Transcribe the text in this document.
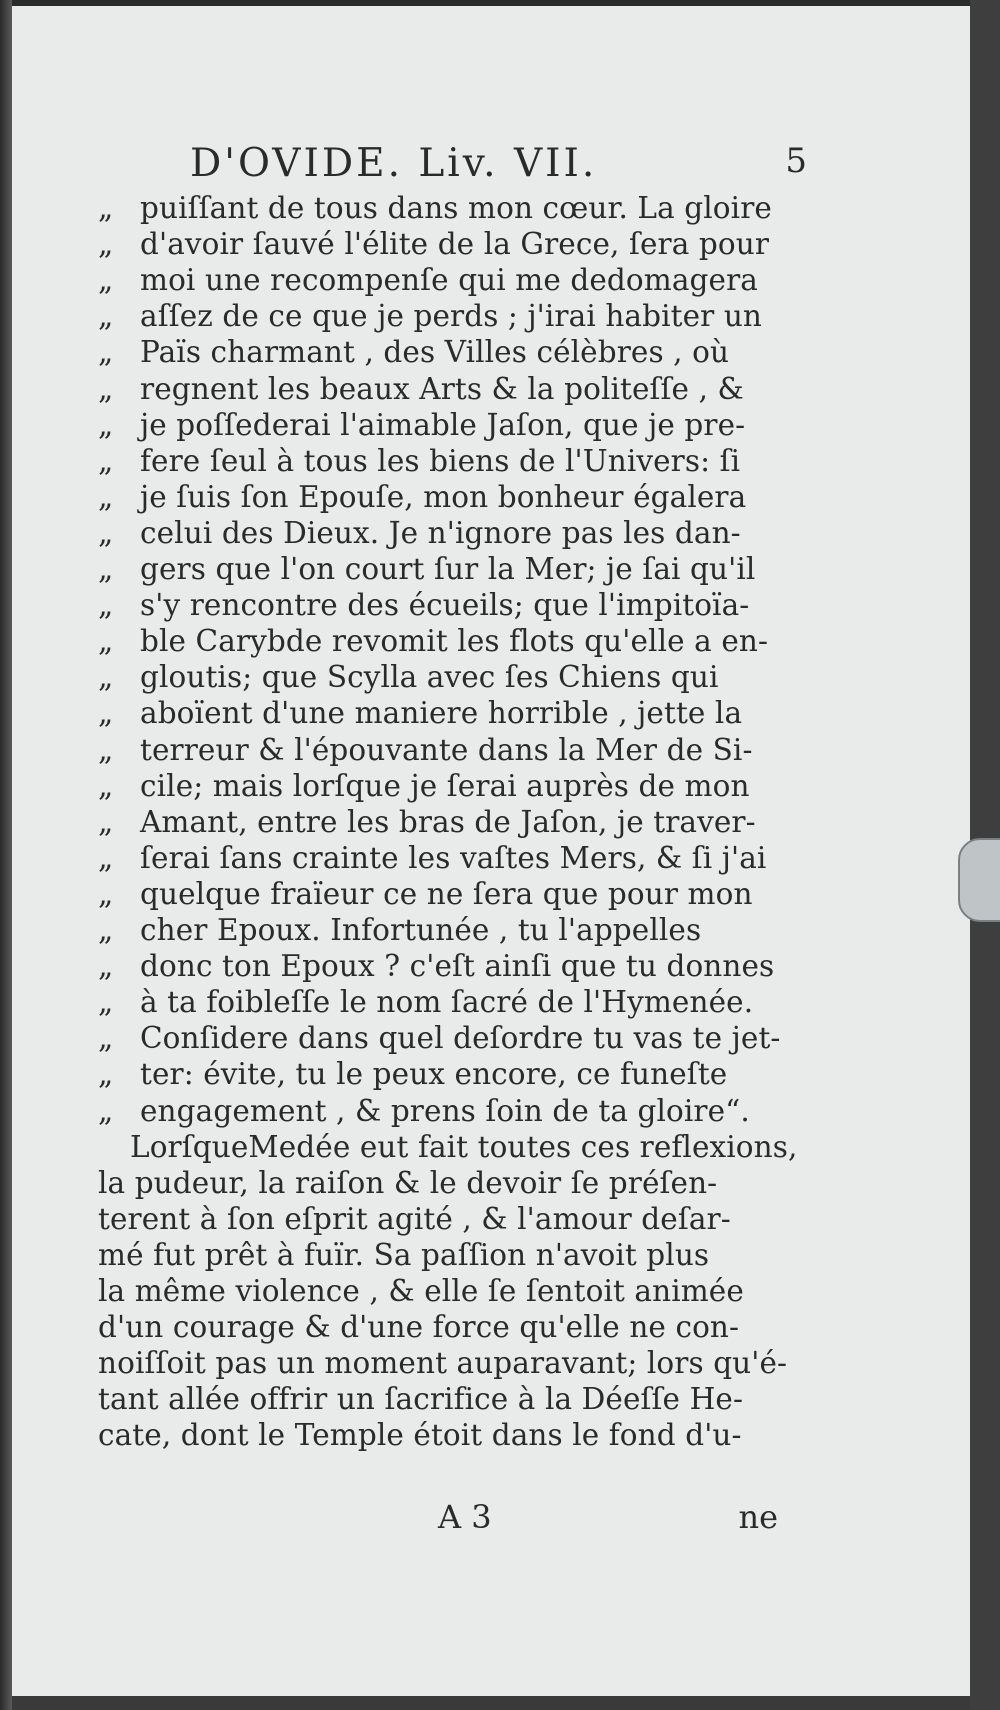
D'OVIDE. Liv. VII.	5
„ puiſſant de tous dans mon cœur. La gloire
„ d'avoir ſauvé l'élite de la Grece, ſera pour
„ moi une recompenſe qui me dedomagera
„ aſſez de ce que je perds ; j'irai habiter un
„ Païs charmant , des Villes célèbres , où
„ regnent les beaux Arts & la politeſſe , &
„ je poſſederai l'aimable Jaſon, que je pre-
„ fere ſeul à tous les biens de l'Univers: ſi
„ je ſuis ſon Epouſe, mon bonheur égalera
„ celui des Dieux. Je n'ignore pas les dan-
„ gers que l'on court ſur la Mer; je ſai qu'il
„ s'y rencontre des écueils; que l'impitoïa-
„ ble Carybde revomit les flots qu'elle a en-
„ gloutis; que Scylla avec ſes Chiens qui
„ aboïent d'une maniere horrible , jette la
„ terreur & l'épouvante dans la Mer de Si-
„ cile; mais lorſque je ſerai auprès de mon
„ Amant, entre les bras de Jaſon, je traver-
„ ſerai ſans crainte les vaſtes Mers, & ſi j'ai
„ quelque fraïeur ce ne ſera que pour mon
„ cher Epoux. Infortunée , tu l'appelles
„ donc ton Epoux ? c'eſt ainſi que tu donnes
„ à ta foibleſſe le nom ſacré de l'Hymenée.
„ Conſidere dans quel deſordre tu vas te jet-
„ ter: évite, tu le peux encore, ce funeſte
„ engagement , & prens ſoin de ta gloire“.
LorſqueMedée eut fait toutes ces reflexions,
la pudeur, la raiſon & le devoir ſe préſen-
terent à ſon eſprit agité , & l'amour deſar-
mé fut prêt à fuïr. Sa paſſion n'avoit plus
la même violence , & elle ſe ſentoit animée
d'un courage & d'une force qu'elle ne con-
noiſſoit pas un moment auparavant; lors qu'é-
tant allée offrir un ſacrifice à la Déeſſe He-
cate, dont le Temple étoit dans le fond d'u-
A 3	ne
